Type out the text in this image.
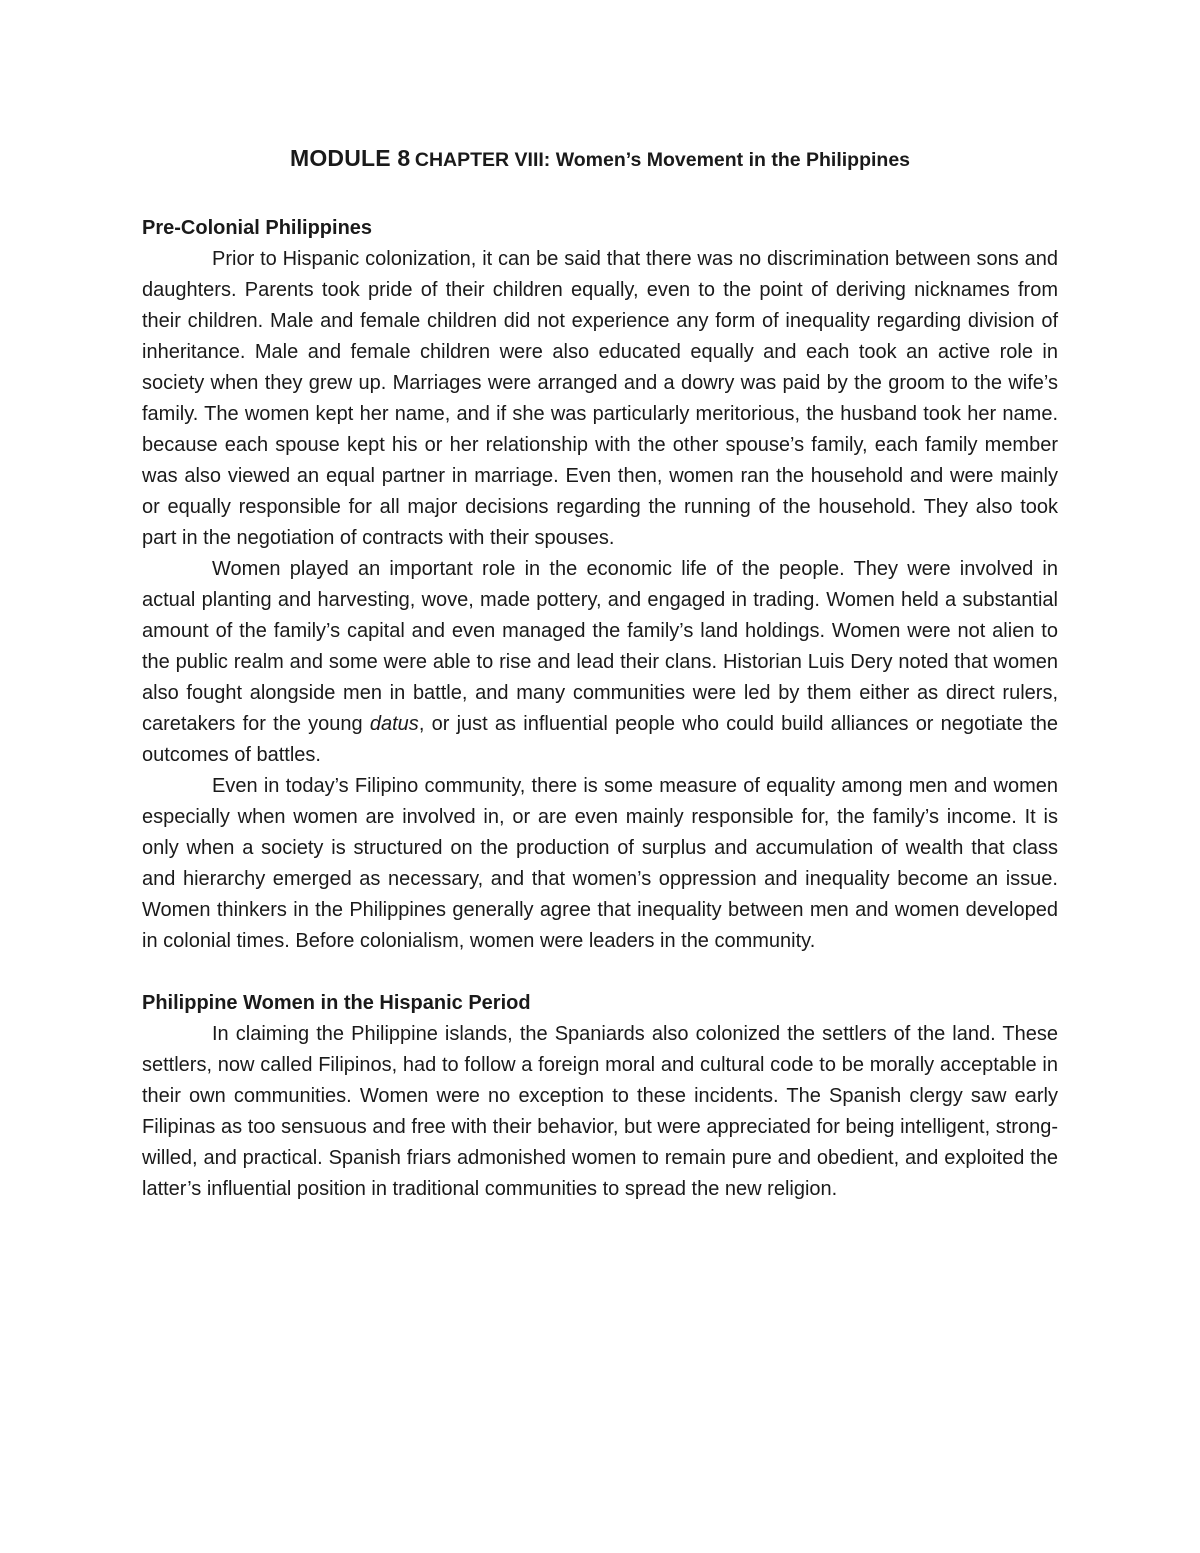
MODULE 8 CHAPTER VIII: Women’s Movement in the Philippines
Pre-Colonial Philippines

Prior to Hispanic colonization, it can be said that there was no discrimination between sons and daughters. Parents took pride of their children equally, even to the point of deriving nicknames from their children. Male and female children did not experience any form of inequality regarding division of inheritance. Male and female children were also educated equally and each took an active role in society when they grew up. Marriages were arranged and a dowry was paid by the groom to the wife’s family. The women kept her name, and if she was particularly meritorious, the husband took her name. because each spouse kept his or her relationship with the other spouse’s family, each family member was also viewed an equal partner in marriage. Even then, women ran the household and were mainly or equally responsible for all major decisions regarding the running of the household. They also took part in the negotiation of contracts with their spouses.

Women played an important role in the economic life of the people. They were involved in actual planting and harvesting, wove, made pottery, and engaged in trading. Women held a substantial amount of the family’s capital and even managed the family’s land holdings. Women were not alien to the public realm and some were able to rise and lead their clans. Historian Luis Dery noted that women also fought alongside men in battle, and many communities were led by them either as direct rulers, caretakers for the young datus, or just as influential people who could build alliances or negotiate the outcomes of battles.

Even in today’s Filipino community, there is some measure of equality among men and women especially when women are involved in, or are even mainly responsible for, the family’s income. It is only when a society is structured on the production of surplus and accumulation of wealth that class and hierarchy emerged as necessary, and that women’s oppression and inequality become an issue. Women thinkers in the Philippines generally agree that inequality between men and women developed in colonial times. Before colonialism, women were leaders in the community.

Philippine Women in the Hispanic Period

In claiming the Philippine islands, the Spaniards also colonized the settlers of the land. These settlers, now called Filipinos, had to follow a foreign moral and cultural code to be morally acceptable in their own communities. Women were no exception to these incidents. The Spanish clergy saw early Filipinas as too sensuous and free with their behavior, but were appreciated for being intelligent, strong-willed, and practical. Spanish friars admonished women to remain pure and obedient, and exploited the latter’s influential position in traditional communities to spread the new religion.
